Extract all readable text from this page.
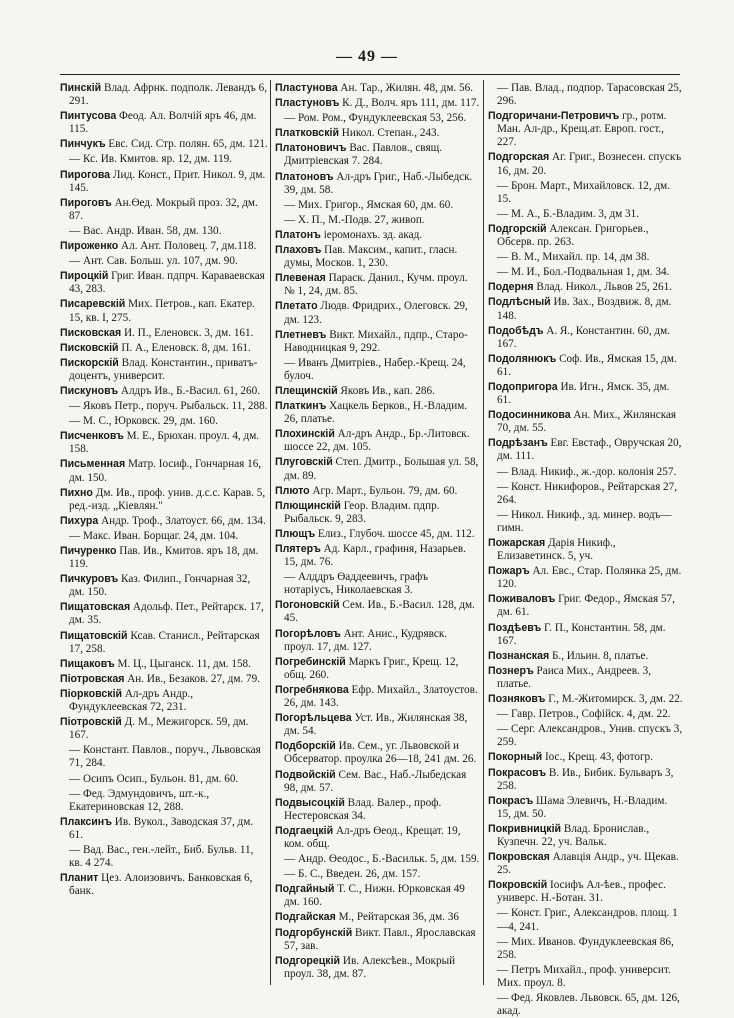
— 49 —
Пинскій Влад. Афрнк. подполк. Левандъ 6, 291.
Пинтусова Феод. Ал. Волчій яръ 46, дм. 115.
Пинчукъ Евс. Сид. Стр. полян. 65, дм. 121.
— Кс. Ив. Кмитов. яр. 12, дм. 119.
Пирогова Лид. Конст., Прит. Никол. 9, дм. 145.
Пироговъ Ан.Өед. Мокрый проз. 32, дм. 87.
— Вас. Андр. Иван. 58, дм. 130.
Пироженко Ал. Ант. Половец. 7, дм.118.
— Ант. Сав. Больш. ул. 107, дм. 90.
Пироцкій Григ. Иван. пдпрч. Караваевская 43, 283.
Писаревскій Мих. Петров., кап. Екатер. 15, кв. I, 275.
Писковская И. П., Еленовск. 3, дм. 161.
Писковскій П. А., Еленовск. 8, дм. 161.
Пискорскій Влад. Константин., приватъ-доцентъ, университ.
Пискуновъ Алдръ Ив., Б.-Васил. 61, 260.
— Яковъ Петр., поруч. Рыбальск. 11, 288.
— М. С., Юрковск. 29, дм. 160.
Писченковъ М. Е., Брюхан. проул. 4, дм. 158.
Письменная Матр. Іосиф., Гончарная 16, дм. 150.
Пихно Дм. Ив., проф. унив. д.с.с. Карав. 5, ред.-изд. „Кіевлян."
Пихура Андр. Троф., Златоуст. 66, дм. 134.
— Макс. Иван. Борщаг. 24, дм. 104.
Пичуренко Пав. Ив., Кмитов. яръ 18, дм. 119.
Пичкуровъ Каз. Филип., Гончарная 32, дм. 150.
Пищатовская Адольф. Пет., Рейтарск. 17, дм. 35.
Пищатовскій Ксав. Станисл., Рейтарская 17, 258.
Пищаковъ М. Ц., Цыганск. 11, дм. 158.
Піотровская Ан. Ив., Безаков. 27, дм. 79.
Піорковскій Ал-дръ Андр., Фундуклеевская 72, 231.
Піотровскій Д. М., Межигорск. 59, дм. 167.
— Констант. Павлов., поруч., Львовская 71, 284.
— Осипъ Осип., Бульон. 81, дм. 60.
— Фед. Эдмундовичъ, шт.-к., Екатериновская 12, 288.
Плаксинъ Ив. Вукол., Заводская 37, дм. 61.
— Вад. Вас., ген.-лейт., Биб. Бульв. 11, кв. 4 274.
Планит Цез. Алоизовичъ. Банковская 6, банк.
Пластунова Ан. Тар., Жилян. 48, дм. 56.
Пластуновъ К. Д., Волч. яръ 111, дм. 117.
— Ром. Ром., Фундуклеевская 53, 256.
Платковскій Никол. Степан., 243.
Платоновичъ Вас. Павлов., свящ. Дмитріевская 7. 284.
Платоновъ Ал-дръ Григ., Наб.-Лыбедск. 39, дм. 58.
— Мих. Григор., Ямская 60, дм. 60.
— Х. П., М.-Подв. 27, живоп.
Платонъ іеромонахъ. зд. акад.
Плаховъ Пав. Максим., капит., гласн. думы, Москов. 1, 230.
Плевеная Параск. Данил., Кучм. проул. № 1, 24, дм. 85.
Плетато Людв. Фридрих., Олеговск. 29, дм. 123.
Плетневъ Викт. Михайл., пдпр., Старо-Наводницкая 9, 292.
— Иванъ Дмитріев., Набер.-Крещ. 24, булоч.
Плещинскій Яковъ Ив., кап. 286.
Платкинъ Хацкель Берков., Н.-Владим. 26, платье.
Плохинскій Ал-дръ Андр., Бр.-Литовск. шоссе 22, дм. 105.
Плуговскій Степ. Дмитр., Большая ул. 58, дм. 89.
Плюто Агр. Март., Бульон. 79, дм. 60.
Плющинскій Геор. Владим. пдпр. Рыбальск. 9, 283.
Плющъ Елиз., Глубоч. шоссе 45, дм. 112.
Плятеръ Ад. Карл., графиня, Назарьев. 15, дм. 76.
— Алддръ Өаддеевичъ, графъ нотаріусъ, Николаевская 3.
Погоновскій Сем. Ив., Б.-Васил. 128, дм. 45.
Погорѣловъ Ант. Анис., Кудрявск. проул. 17, дм. 127.
Погребинскій Маркъ Григ., Крещ. 12, общ. 260.
Погребнякова Ефр. Михайл., Златоустов. 26, дм. 143.
Погорѣльцева Уст. Ив., Жилянская 38, дм. 54.
Подборскій Ив. Сем., уг. Львовской и Обсерватор. проулка 26—18, 241 дм. 26.
Подвойскій Сем. Вас., Наб.-Лыбедская 98, дм. 57.
Подвысоцкій Влад. Валер., проф. Нестеровская 34.
Подгаецкій Ал-дръ Өеод., Крещат. 19, ком. общ.
— Андр. Өеодос., Б.-Васильк. 5, дм. 159.
— Б. С., Введен. 26, дм. 157.
Подгайный Т. С., Нижн. Юрковская 49 дм. 160.
Подгайская М., Рейтарская 36, дм. 36
Подгорбунскій Викт. Павл., Ярославская 57, зав.
Подгорецкій Ив. Алексѣев., Мокрый проул. 38, дм. 87.
— Пав. Влад., подпор. Тарасовская 25, 296.
Подгоричани-Петровичъ гр., ротм. Ман. Ал-др., Крещ.ат. Европ. гост., 227.
Подгорская Аг. Григ., Вознесен. спускъ 16, дм. 20.
— Брон. Март., Михайловск. 12, дм. 15.
— М. А., Б.-Владим. 3, дм 31.
Подгорскій Алексан. Григорьев., Обсерв. пр. 263.
— В. М., Михайл. пр. 14, дм 38.
— М. И., Бол.-Подвальная 1, дм. 34.
Подерня Влад. Никол., Львов 25, 261.
Подлѣсный Ив. Зах., Воздвиж. 8, дм. 148.
Подобѣдъ А. Я., Константин. 60, дм. 167.
Подолянюкъ Соф. Ив., Ямская 15, дм. 61.
Подопригора Ив. Игн., Ямск. 35, дм. 61.
Подосинникова Ан. Мих., Жилянская 70, дм. 55.
Подрѣзанъ Евг. Евстаф., Овручская 20, дм. 111.
— Влад. Никиф., ж.-дор. колонія 257.
— Конст. Никифоров., Рейтарская 27, 264.
— Никол. Никиф., зд. минер. водъ—гимн.
Пожарская Дарія Никиф., Елизаветинск. 5, уч.
Пожаръ Ал. Евс., Стар. Полянка 25, дм. 120.
Поживаловъ Григ. Федор., Ямская 57, дм. 61.
Поздѣевъ Г. П., Константин. 58, дм. 167.
Познанская Б., Ильин. 8, платье.
Познеръ Раиса Мих., Андреев. 3, платье.
Позняковъ Г., М.-Житомирск. 3, дм. 22.
— Гавр. Петров., Софійск. 4, дм. 22.
— Серг. Александров., Унив. спускъ 3, 259.
Покорный Іос., Крещ. 43, фотогр.
Покрасовъ В. Ив., Бибик. Бульваръ 3, 258.
Покрасъ Шама Элевичъ, Н.-Владим. 15, дм. 50.
Покривницкій Влад. Бронислав., Кузпечн. 22, уч. Вальк.
Покровская Алавція Андр., уч. Щекав. 25.
Покровскій Іосифъ Ал-ѣев., профес. универс. Н.-Ботан. 31.
— Конст. Григ., Александров. площ. 1—4, 241.
— Мих. Иванов. Фундуклеевская 86, 258.
— Петръ Михайл., проф. университ. Мих. проул. 8.
— Фед. Яковлев. Львовск. 65, дм. 126, акад.
